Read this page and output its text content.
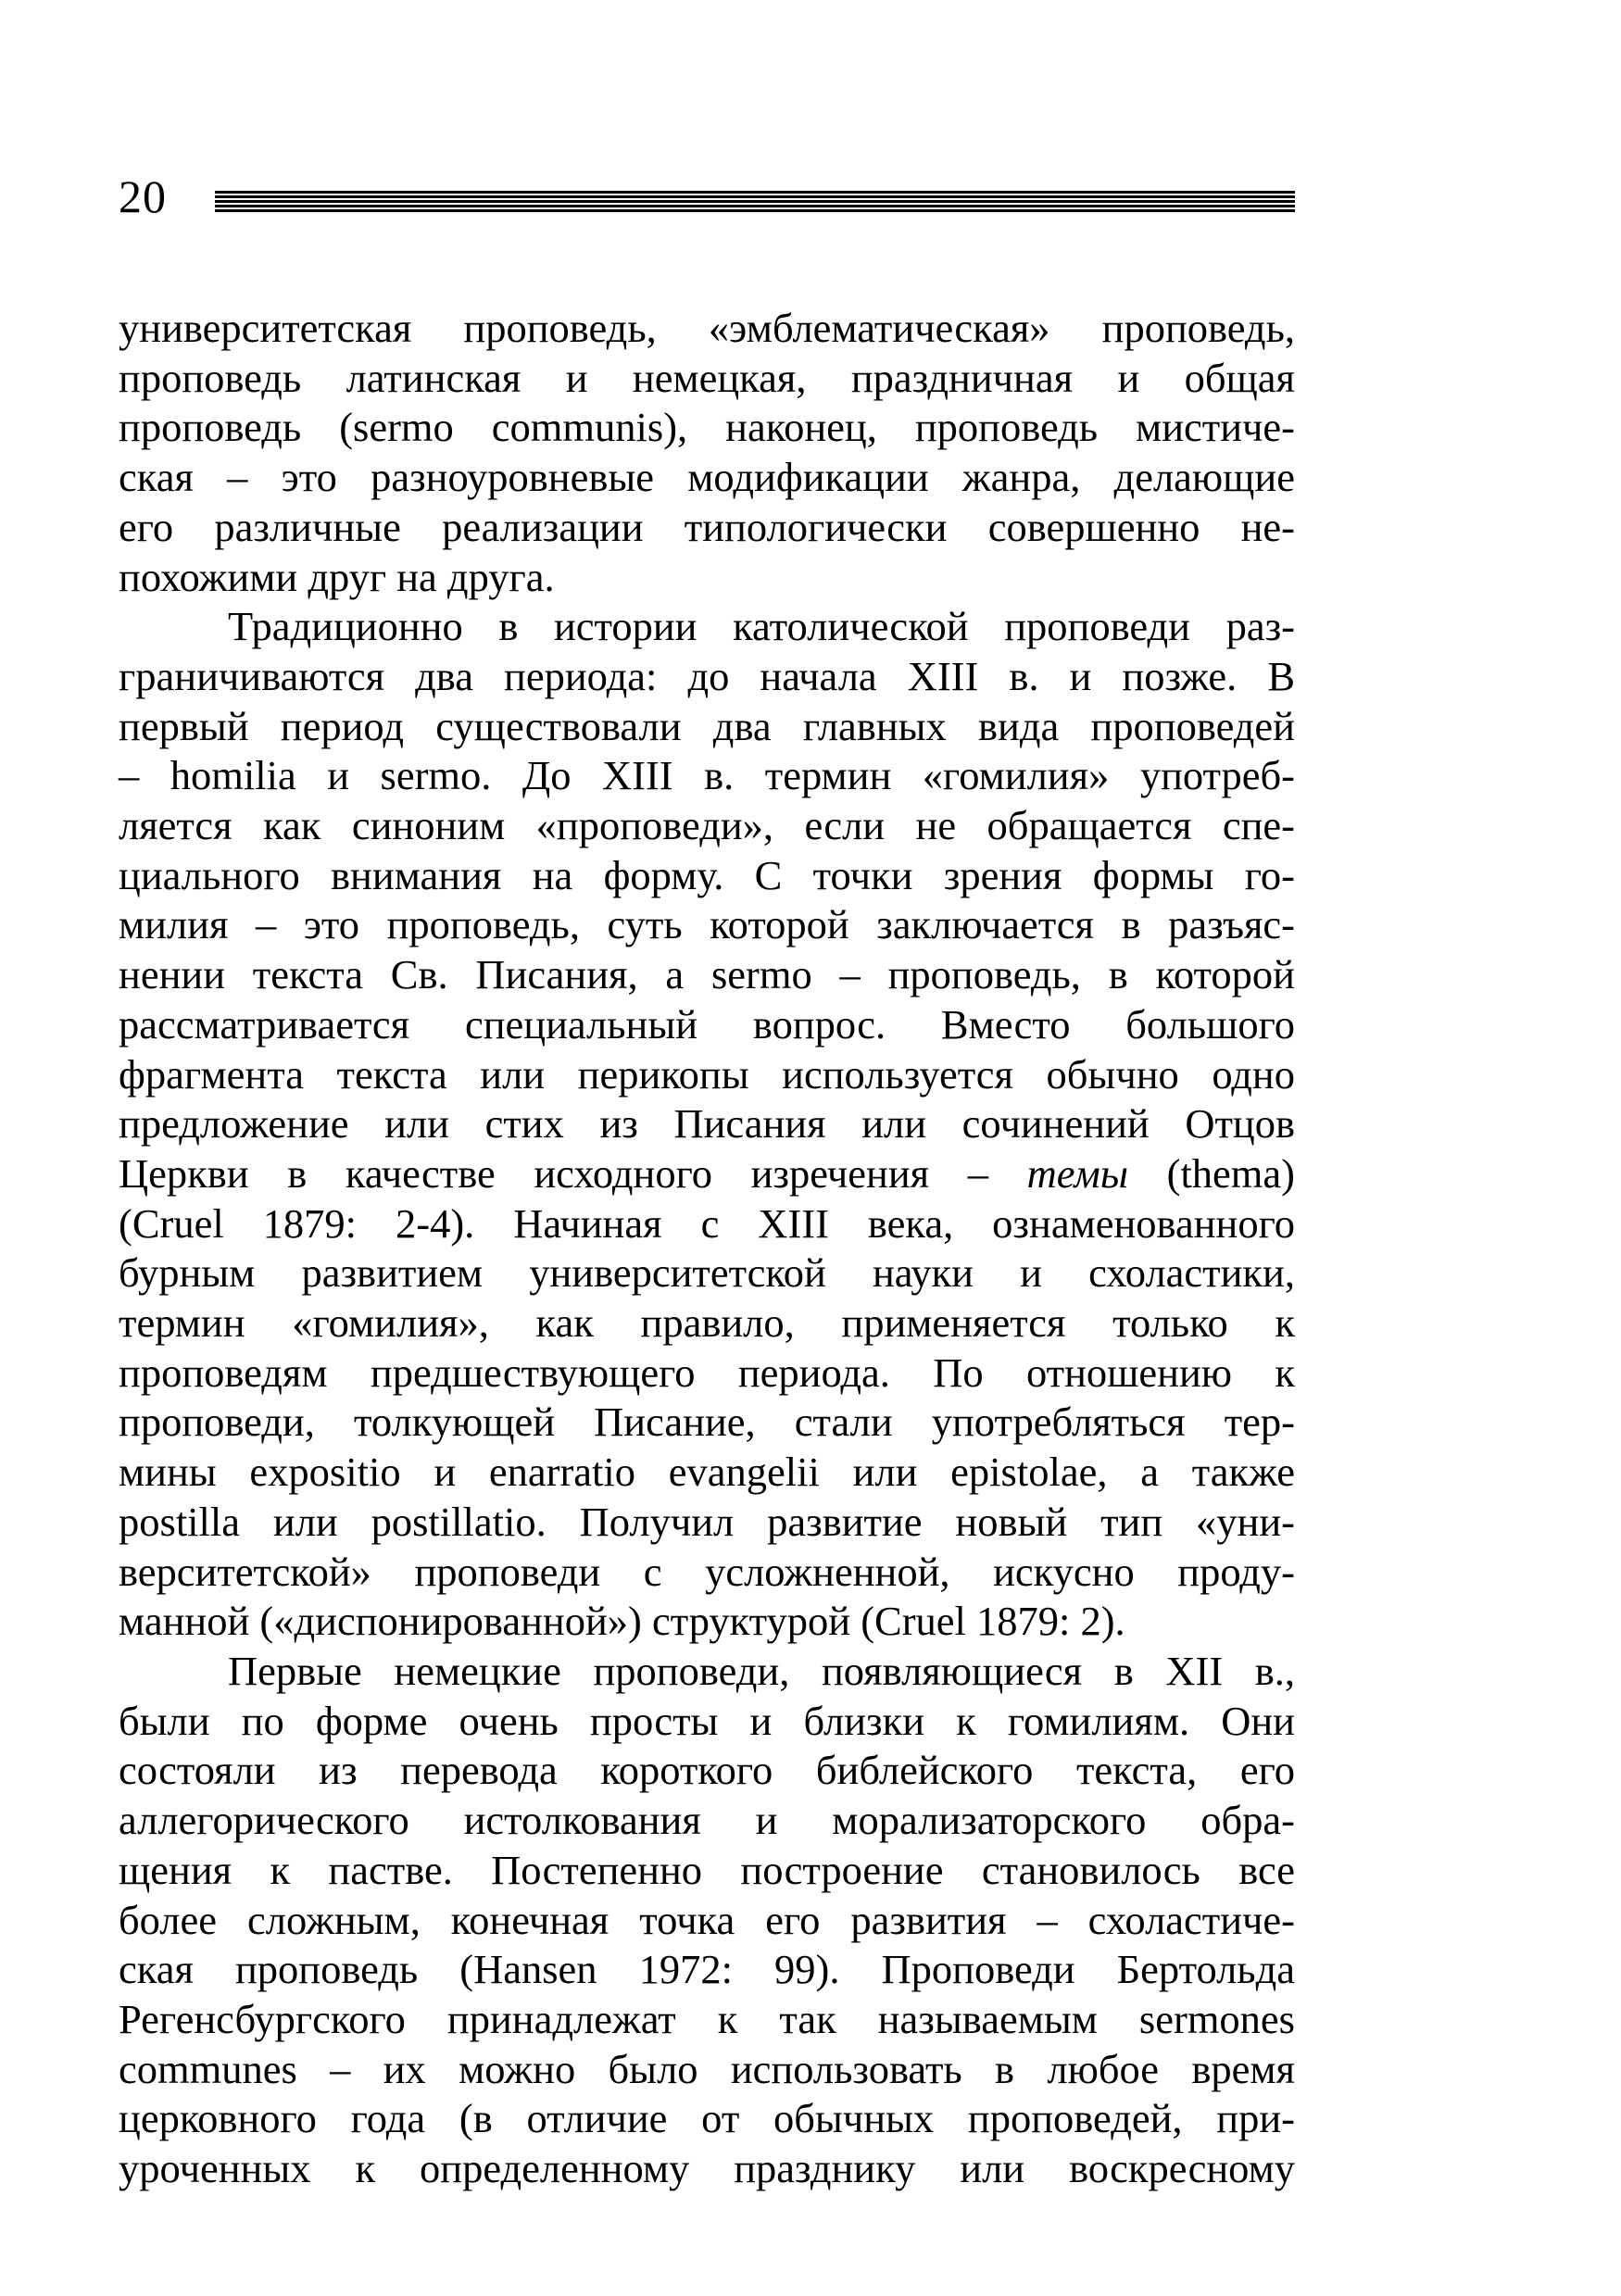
20
университетская проповедь, «эмблематическая» проповедь,
проповедь латинская и немецкая, праздничная и общая
проповедь (sermo communis), наконец, проповедь мистиче-
ская – это разноуровневые модификации жанра, делающие
его различные реализации типологически совершенно не-
похожими друг на друга.
Традиционно в истории католической проповеди раз-
граничиваются два периода: до начала XIII в. и позже. В
первый период существовали два главных вида проповедей
– homilia и sermo. До XIII в. термин «гомилия» употреб-
ляется как синоним «проповеди», если не обращается спе-
циального внимания на форму. С точки зрения формы го-
милия – это проповедь, суть которой заключается в разъяс-
нении текста Св. Писания, а sermo – проповедь, в которой
рассматривается специальный вопрос. Вместо большого
фрагмента текста или перикопы используется обычно одно
предложение или стих из Писания или сочинений Отцов
Церкви в качестве исходного изречения – темы (thema)
(Cruel 1879: 2-4). Начиная с XIII века, ознаменованного
бурным развитием университетской науки и схоластики,
термин «гомилия», как правило, применяется только к
проповедям предшествующего периода. По отношению к
проповеди, толкующей Писание, стали употребляться тер-
мины expositio и enarratio evangelii или epistolae, а также
postilla или postillatio. Получил развитие новый тип «уни-
верситетской» проповеди с усложненной, искусно проду-
манной («диспонированной») структурой (Cruel 1879: 2).
Первые немецкие проповеди, появляющиеся в XII в.,
были по форме очень просты и близки к гомилиям. Они
состояли из перевода короткого библейского текста, его
аллегорического истолкования и морализаторского обра-
щения к пастве. Постепенно построение становилось все
более сложным, конечная точка его развития – схоластиче-
ская проповедь (Hansen 1972: 99). Проповеди Бертольда
Регенсбургского принадлежат к так называемым sermones
communes – их можно было использовать в любое время
церковного года (в отличие от обычных проповедей, при-
уроченных к определенному празднику или воскресному
